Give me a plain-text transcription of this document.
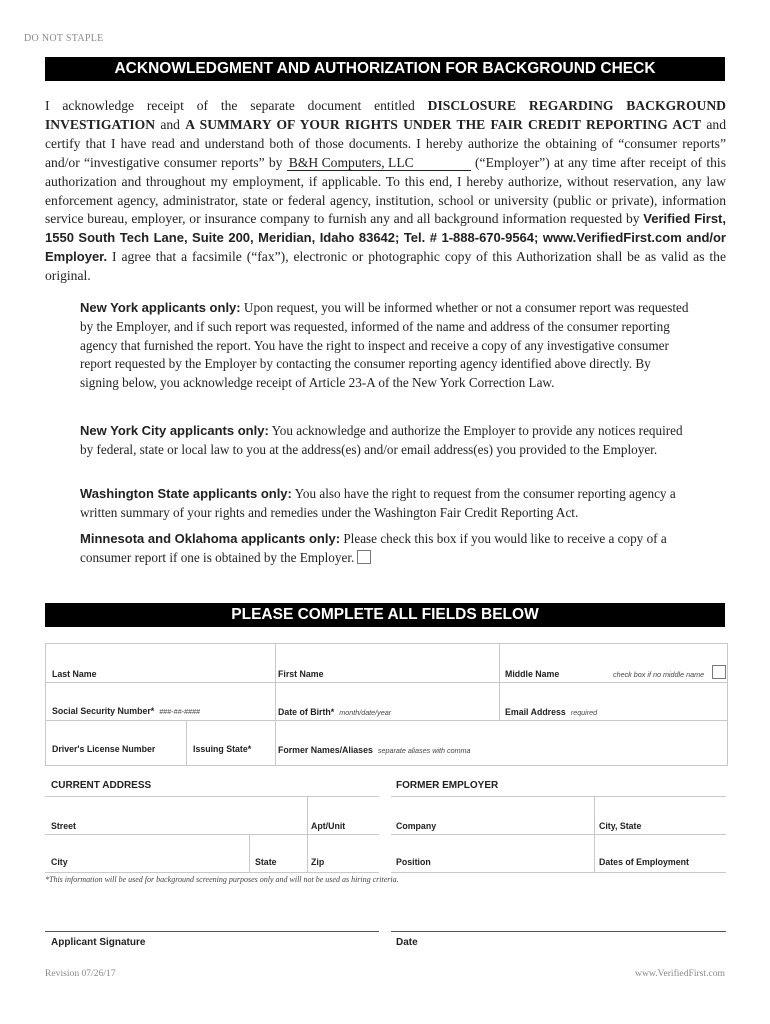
DO NOT STAPLE
ACKNOWLEDGMENT AND AUTHORIZATION FOR BACKGROUND CHECK
I acknowledge receipt of the separate document entitled DISCLOSURE REGARDING BACKGROUND INVESTIGATION and A SUMMARY OF YOUR RIGHTS UNDER THE FAIR CREDIT REPORTING ACT and certify that I have read and understand both of those documents. I hereby authorize the obtaining of “consumer reports” and/or “investigative consumer reports” by B&H Computers, LLC	(“Employer”) at any time after receipt of this authorization and throughout my employment, if applicable. To this end, I hereby authorize, without reservation, any law enforcement agency, administrator, state or federal agency, institution, school or university (public or private), information service bureau, employer, or insurance company to furnish any and all background information requested by Verified First, 1550 South Tech Lane, Suite 200, Meridian, Idaho 83642; Tel. # 1-888-670-9564; www.VerifiedFirst.com and/or Employer. I agree that a facsimile (“fax”), electronic or photographic copy of this Authorization shall be as valid as the original.
New York applicants only: Upon request, you will be informed whether or not a consumer report was requested by the Employer, and if such report was requested, informed of the name and address of the consumer reporting agency that furnished the report. You have the right to inspect and receive a copy of any investigative consumer report requested by the Employer by contacting the consumer reporting agency identified above directly. By signing below, you acknowledge receipt of Article 23-A of the New York Correction Law.
New York City applicants only: You acknowledge and authorize the Employer to provide any notices required by federal, state or local law to you at the address(es) and/or email address(es) you provided to the Employer.
Washington State applicants only: You also have the right to request from the consumer reporting agency a written summary of your rights and remedies under the Washington Fair Credit Reporting Act.
Minnesota and Oklahoma applicants only: Please check this box if you would like to receive a copy of a consumer report if one is obtained by the Employer.
PLEASE COMPLETE ALL FIELDS BELOW
Last Name	First Name	Middle Name	check box if no middle name
Social Security Number* ###-##-####	Date of Birth* month/date/year	Email Address required
Driver's License Number	Issuing State*	Former Names/Aliases separate aliases with comma
CURRENT ADDRESS
Street	Apt/Unit
City	State	Zip
FORMER EMPLOYER
Company	City, State
Position	Dates of Employment
*This information will be used for background screening purposes only and will not be used as hiring criteria.
Applicant Signature	Date
Revision 07/26/17	www.VerifiedFirst.com
